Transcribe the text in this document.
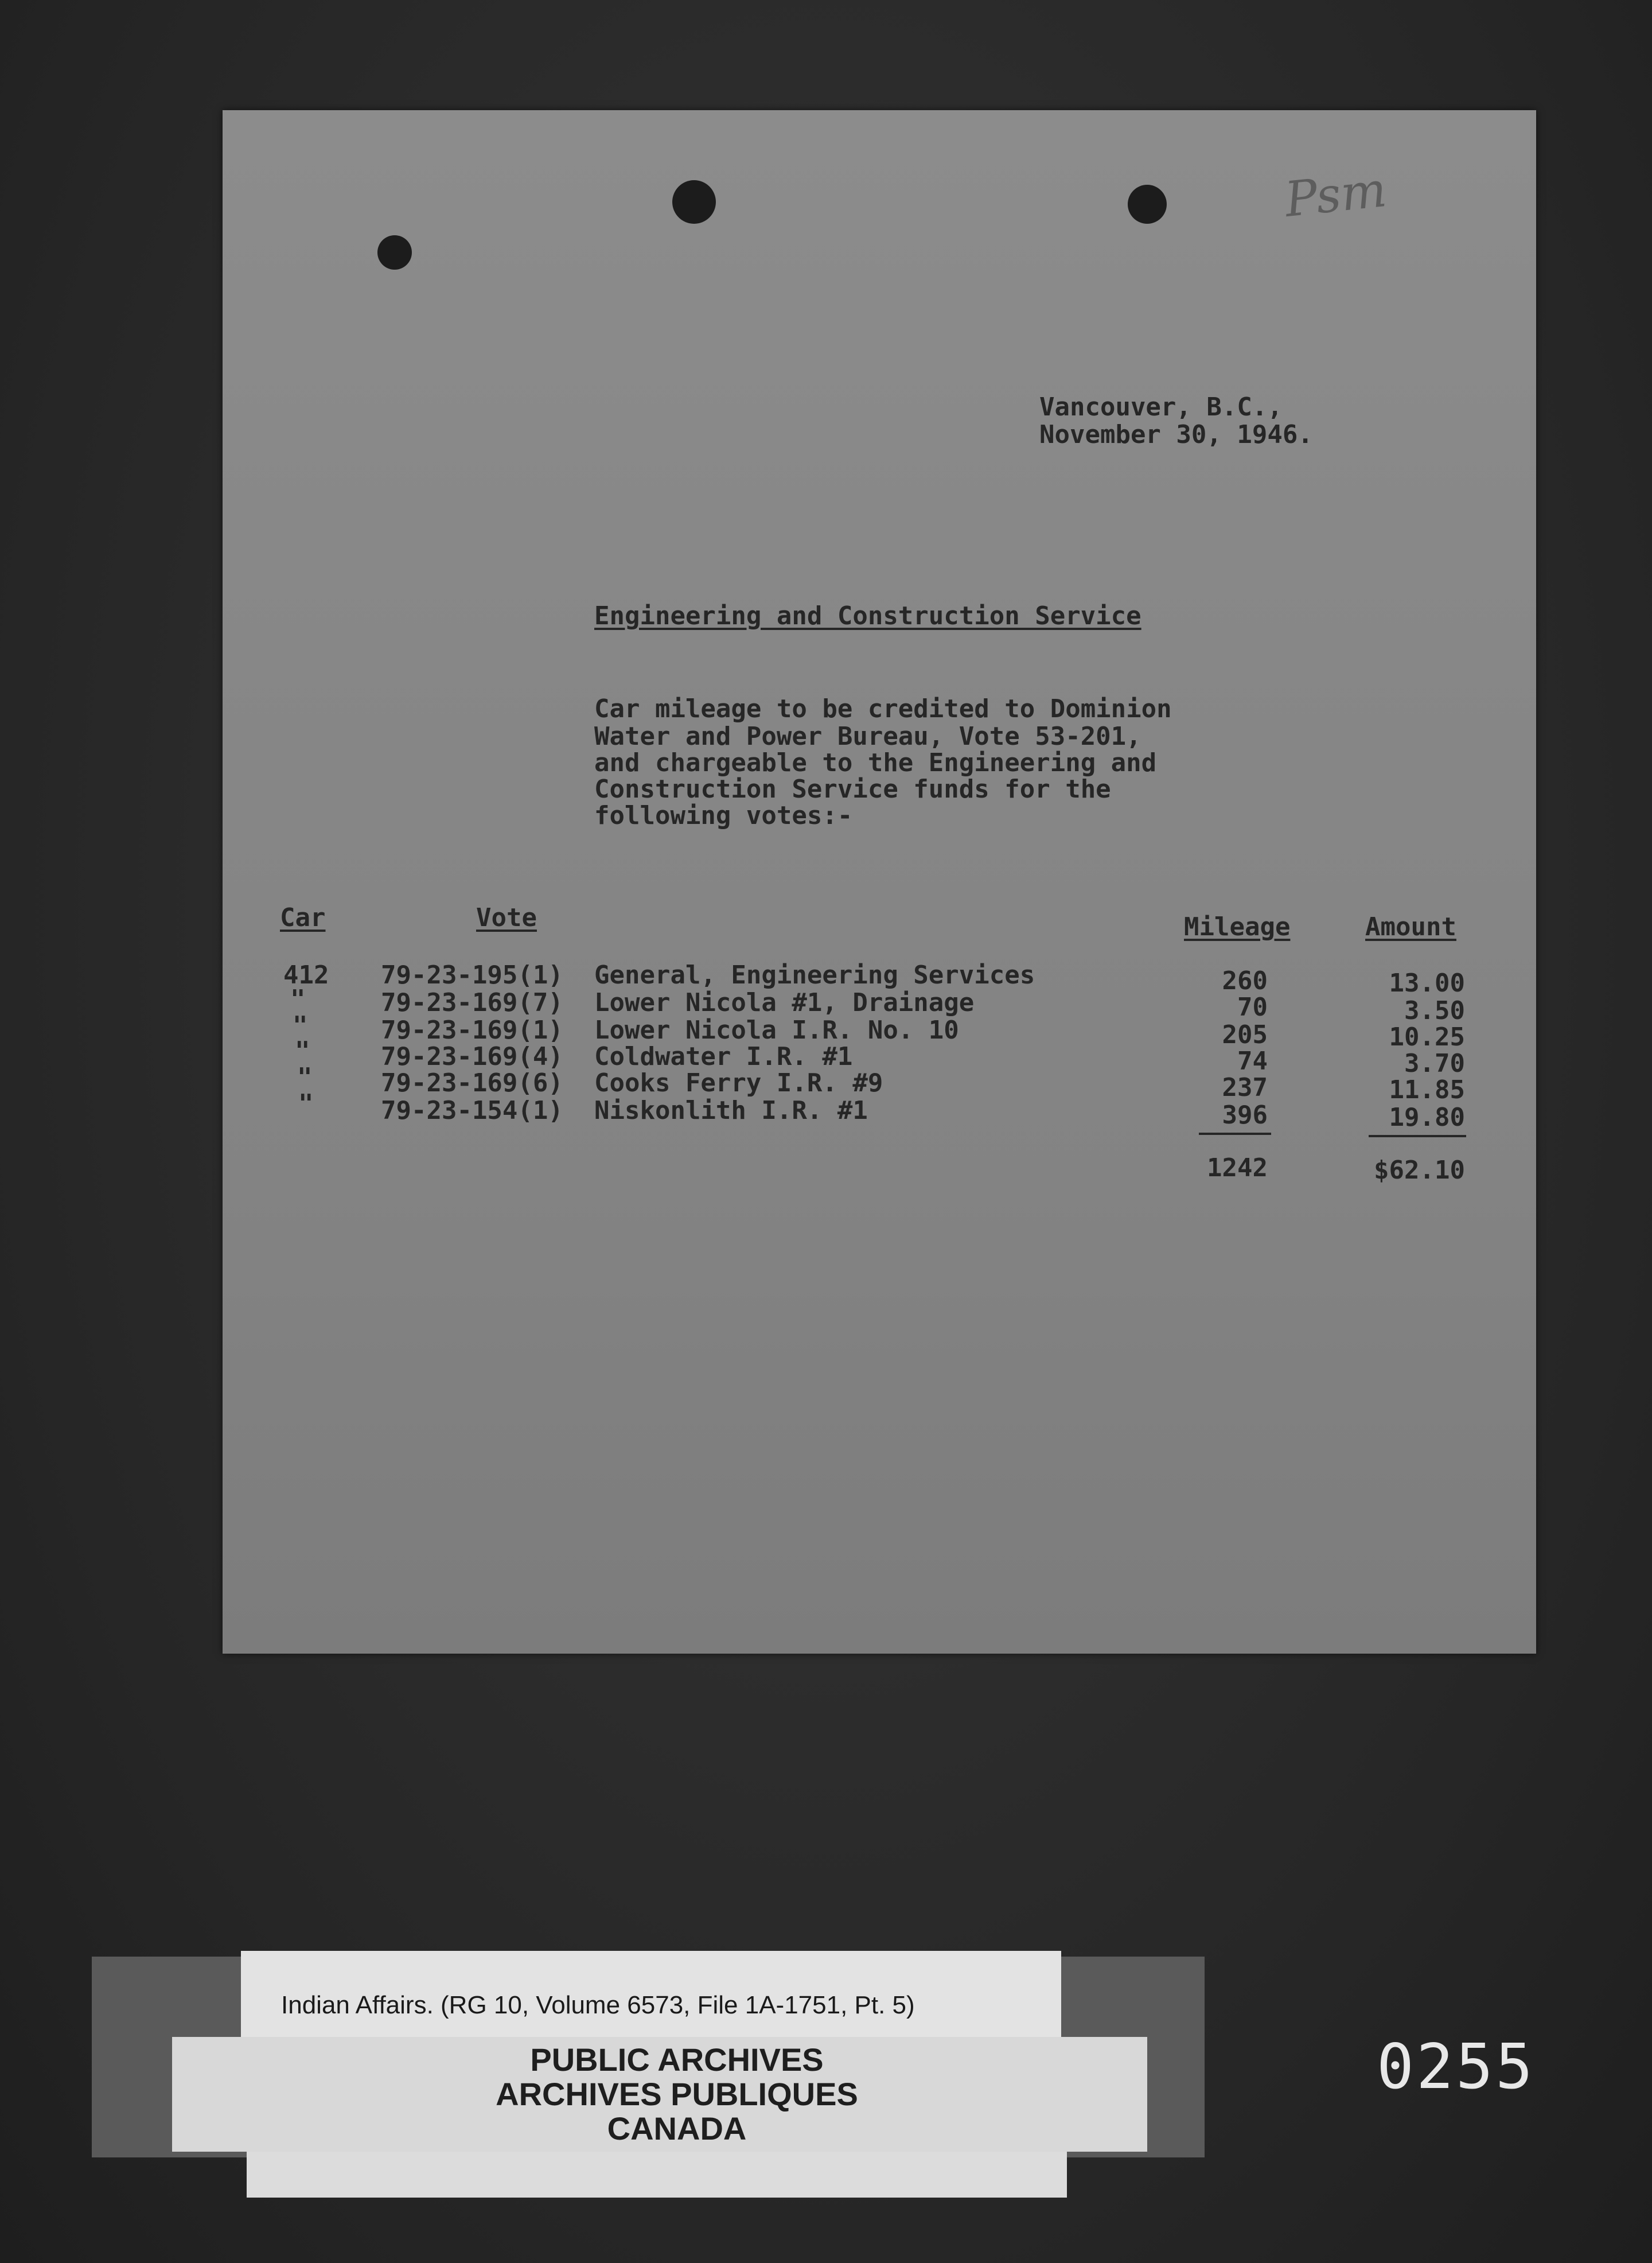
Psm
Vancouver, B.C.,
November 30, 1946.
Engineering and Construction Service
Car mileage to be credited to Dominion
Water and Power Bureau, Vote 53-201,
and chargeable to the Engineering and
Construction Service funds for the
following votes:-
Car	Vote	Mileage	Amount
412 79-23-195(1) General, Engineering Services	260	13.00
"	79-23-169(7) Lower Nicola #1, Drainage	70	3.50
"	79-23-169(1) Lower Nicola I.R. No. 10	205	10.25
"	79-23-169(4) Coldwater I.R. #1	74	3.70
"	79-23-169(6) Cooks Ferry I.R. #9	237	11.85
"	79-23-154(1) Niskonlith I.R. #1	396	19.80
1242	$62.10
Indian Affairs. (RG 10, Volume 6573, File 1A-1751, Pt. 5)
PUBLIC ARCHIVES
ARCHIVES PUBLIQUES
CANADA
0255
